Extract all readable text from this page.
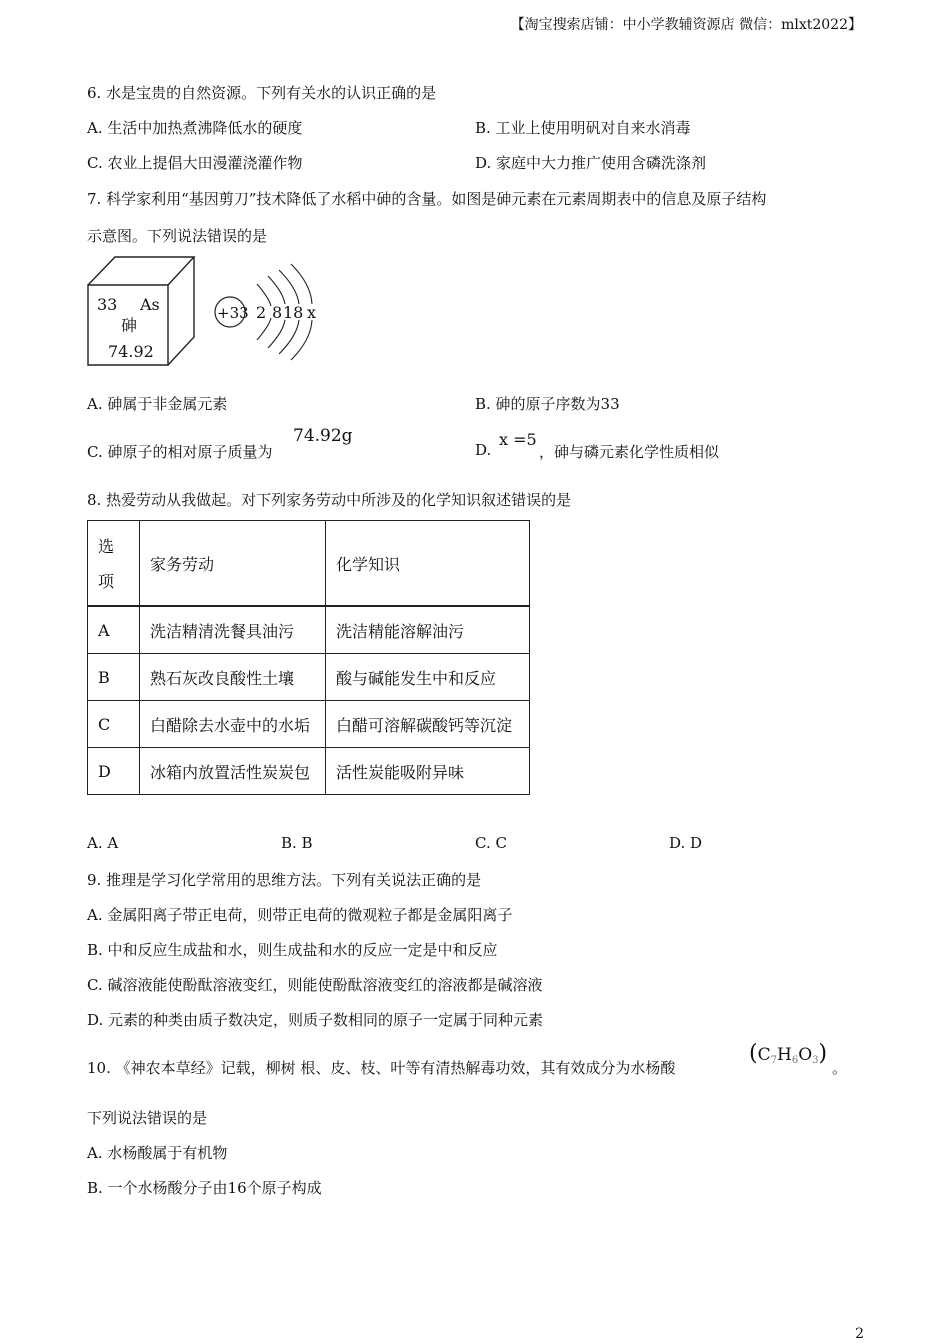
【淘宝搜索店铺：中小学教辅资源店 微信：mlxt2022】
6. 水是宝贵的自然资源。下列有关水的认识正确的是
A. 生活中加热煮沸降低水的硬度	B. 工业上使用明矾对自来水消毒
C. 农业上提倡大田漫灌浇灌作物	D. 家庭中大力推广使用含磷洗涤剂
7. 科学家利用“基因剪刀”技术降低了水稻中砷的含量。如图是砷元素在元素周期表中的信息及原子结构
示意图。下列说法错误的是
33 As
砷
74.92
+33 2 8 18 x
A. 砷属于非金属元素	B. 砷的原子序数为33
C. 砷原子的相对原子质量为
74.92g
D.
x =5
，砷与磷元素化学性质相似
8. 热爱劳动从我做起。对下列家务劳动中所涉及的化学知识叙述错误的是
选
项	家务劳动	化学知识
A	洗洁精清洗餐具油污	洗洁精能溶解油污
B	熟石灰改良酸性土壤	酸与碱能发生中和反应
C	白醋除去水壶中的水垢	白醋可溶解碳酸钙等沉淀
D	冰箱内放置活性炭炭包	活性炭能吸附异味
A. A	B. B	C. C	D. D
9. 推理是学习化学常用的思维方法。下列有关说法正确的是
A. 金属阳离子带正电荷，则带正电荷的微观粒子都是金属阳离子
B. 中和反应生成盐和水，则生成盐和水的反应一定是中和反应
C. 碱溶液能使酚酞溶液变红，则能使酚酞溶液变红的溶液都是碱溶液
D. 元素的种类由质子数决定，则质子数相同的原子一定属于同种元素
10. 《神农本草经》记载，柳树 根、皮、枝、叶等有清热解毒功效，其有效成分为水杨酸
$(C_7H_6O_3)$
。
下列说法错误的是
A. 水杨酸属于有机物
B. 一个水杨酸分子由16个原子构成
2
